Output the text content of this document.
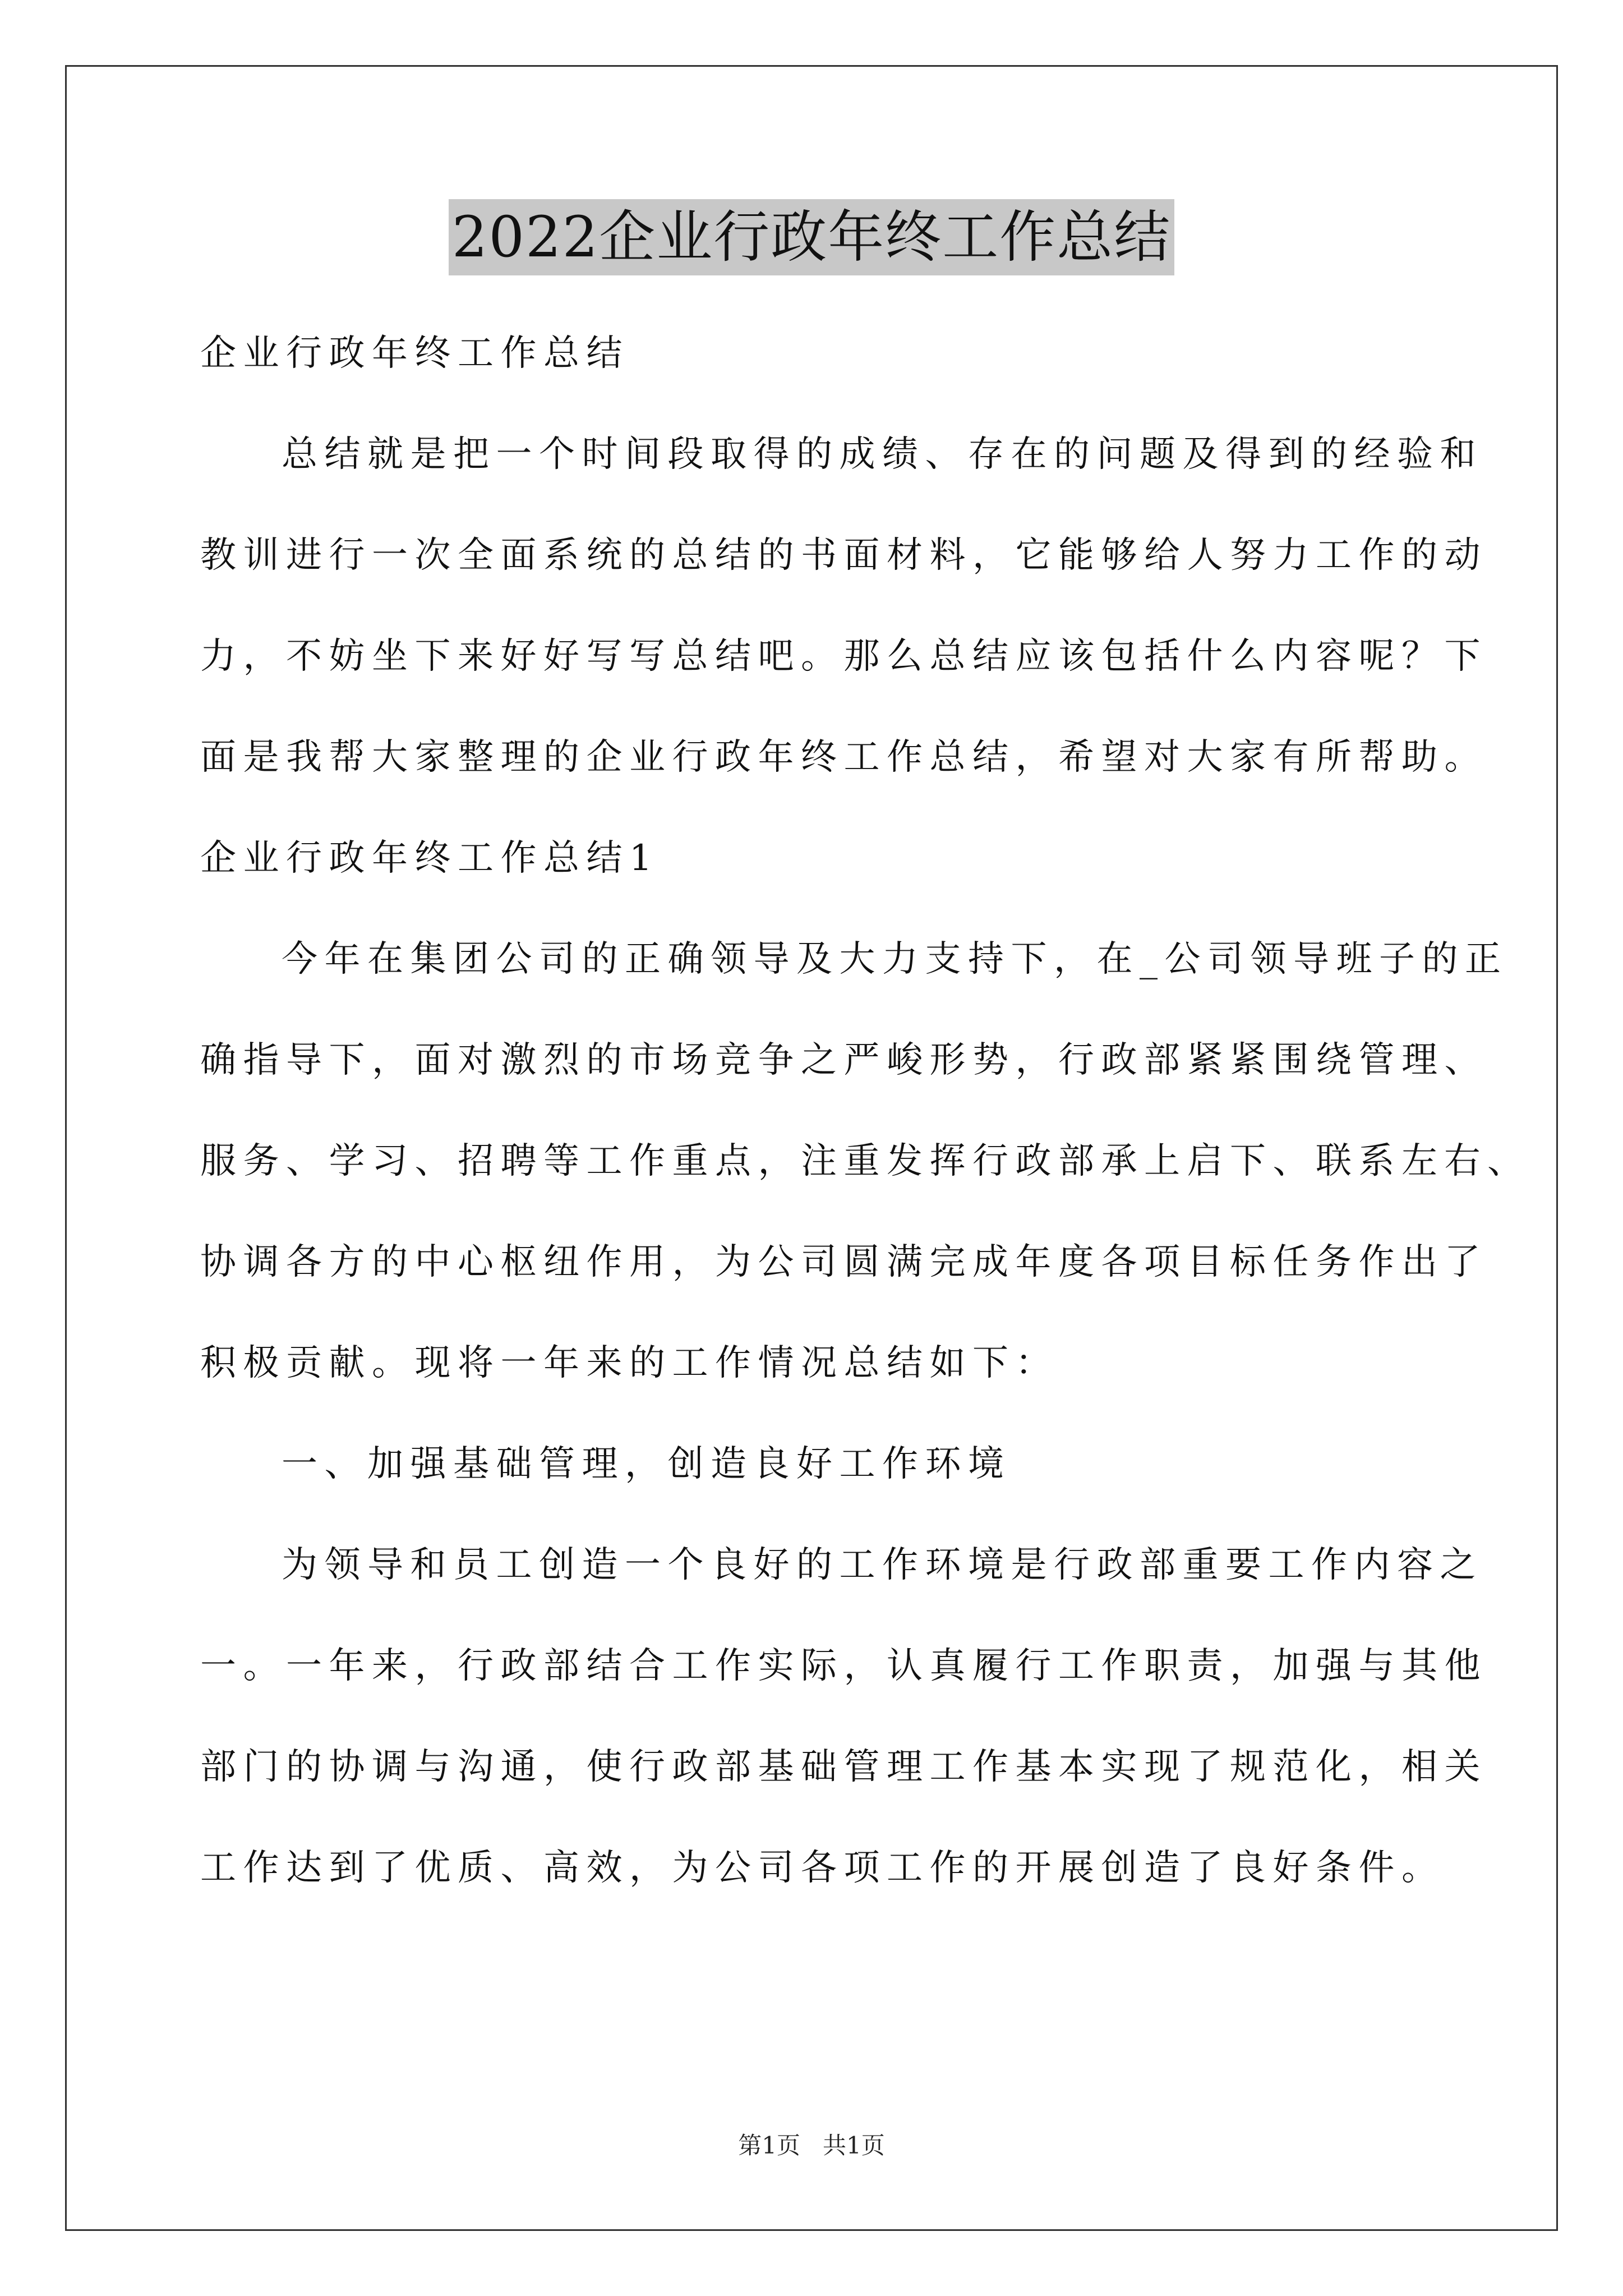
2022企业行政年终工作总结
企业行政年终工作总结
总结就是把一个时间段取得的成绩、存在的问题及得到的经验和
教训进行一次全面系统的总结的书面材料，它能够给人努力工作的动
力，不妨坐下来好好写写总结吧。那么总结应该包括什么内容呢？下
面是我帮大家整理的企业行政年终工作总结，希望对大家有所帮助。
企业行政年终工作总结1
今年在集团公司的正确领导及大力支持下，在_公司领导班子的正
确指导下，面对激烈的市场竞争之严峻形势，行政部紧紧围绕管理、
服务、学习、招聘等工作重点，注重发挥行政部承上启下、联系左右、
协调各方的中心枢纽作用，为公司圆满完成年度各项目标任务作出了
积极贡献。现将一年来的工作情况总结如下：
一、加强基础管理，创造良好工作环境
为领导和员工创造一个良好的工作环境是行政部重要工作内容之
一。一年来，行政部结合工作实际，认真履行工作职责，加强与其他
部门的协调与沟通，使行政部基础管理工作基本实现了规范化，相关
工作达到了优质、高效，为公司各项工作的开展创造了良好条件。
第1页 共1页
